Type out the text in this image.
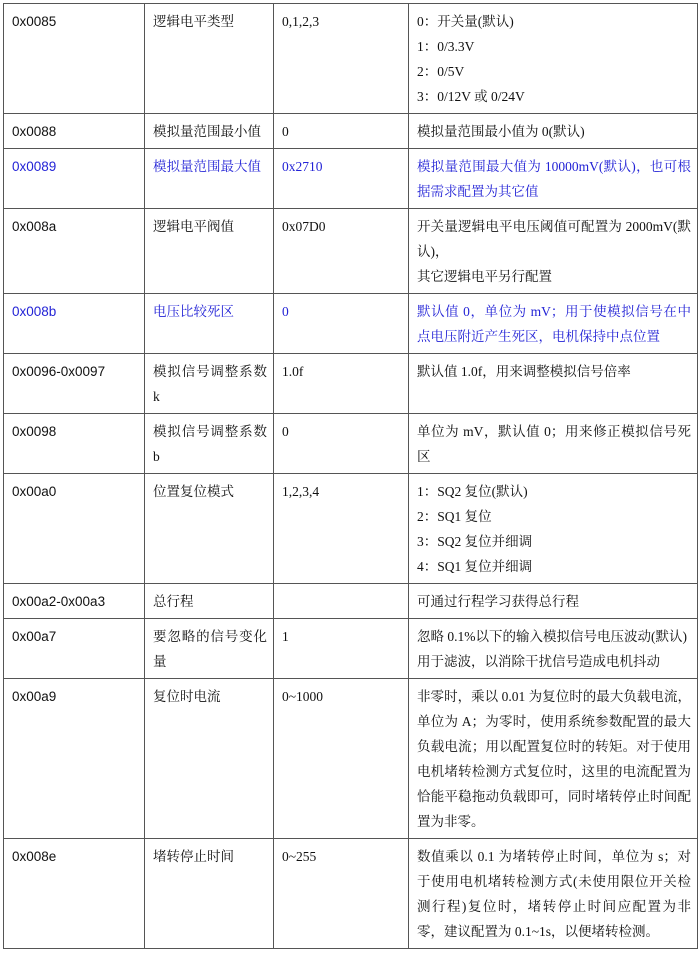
0x0085	逻辑电平类型	0,1,2,3	0：开关量(默认)
1：0/3.3V
2：0/5V
3：0/12V 或 0/24V

0x0088	模拟量范围最小值	0	模拟量范围最小值为 0(默认)

0x0089	模拟量范围最大值	0x2710	模拟量范围最大值为 10000mV(默认)，也可根据需求配置为其它值

0x008a	逻辑电平阀值	0x07D0	开关量逻辑电平电压阈值可配置为 2000mV(默认)，
其它逻辑电平另行配置

0x008b	电压比较死区	0	默认值 0，单位为 mV；用于使模拟信号在中点电压附近产生死区，电机保持中点位置

0x0096-0x0097	模拟信号调整系数 k	1.0f	默认值 1.0f，用来调整模拟信号倍率

0x0098	模拟信号调整系数 b	0	单位为 mV，默认值 0；用来修正模拟信号死区

0x00a0	位置复位模式	1,2,3,4	1：SQ2 复位(默认)
2：SQ1 复位
3：SQ2 复位并细调
4：SQ1 复位并细调

0x00a2-0x00a3	总行程		可通过行程学习获得总行程

0x00a7	要忽略的信号变化量	1	忽略 0.1%以下的输入模拟信号电压波动(默认)
用于滤波，以消除干扰信号造成电机抖动

0x00a9	复位时电流	0~1000	非零时，乘以 0.01 为复位时的最大负载电流，单位为 A；为零时，使用系统参数配置的最大负载电流；用以配置复位时的转矩。对于使用电机堵转检测方式复位时，这里的电流配置为恰能平稳拖动负载即可，同时堵转停止时间配置为非零。

0x008e	堵转停止时间	0~255	数值乘以 0.1 为堵转停止时间，单位为 s；对于使用电机堵转检测方式(未使用限位开关检测行程)复位时，堵转停止时间应配置为非零，建议配置为 0.1~1s，以便堵转检测。
